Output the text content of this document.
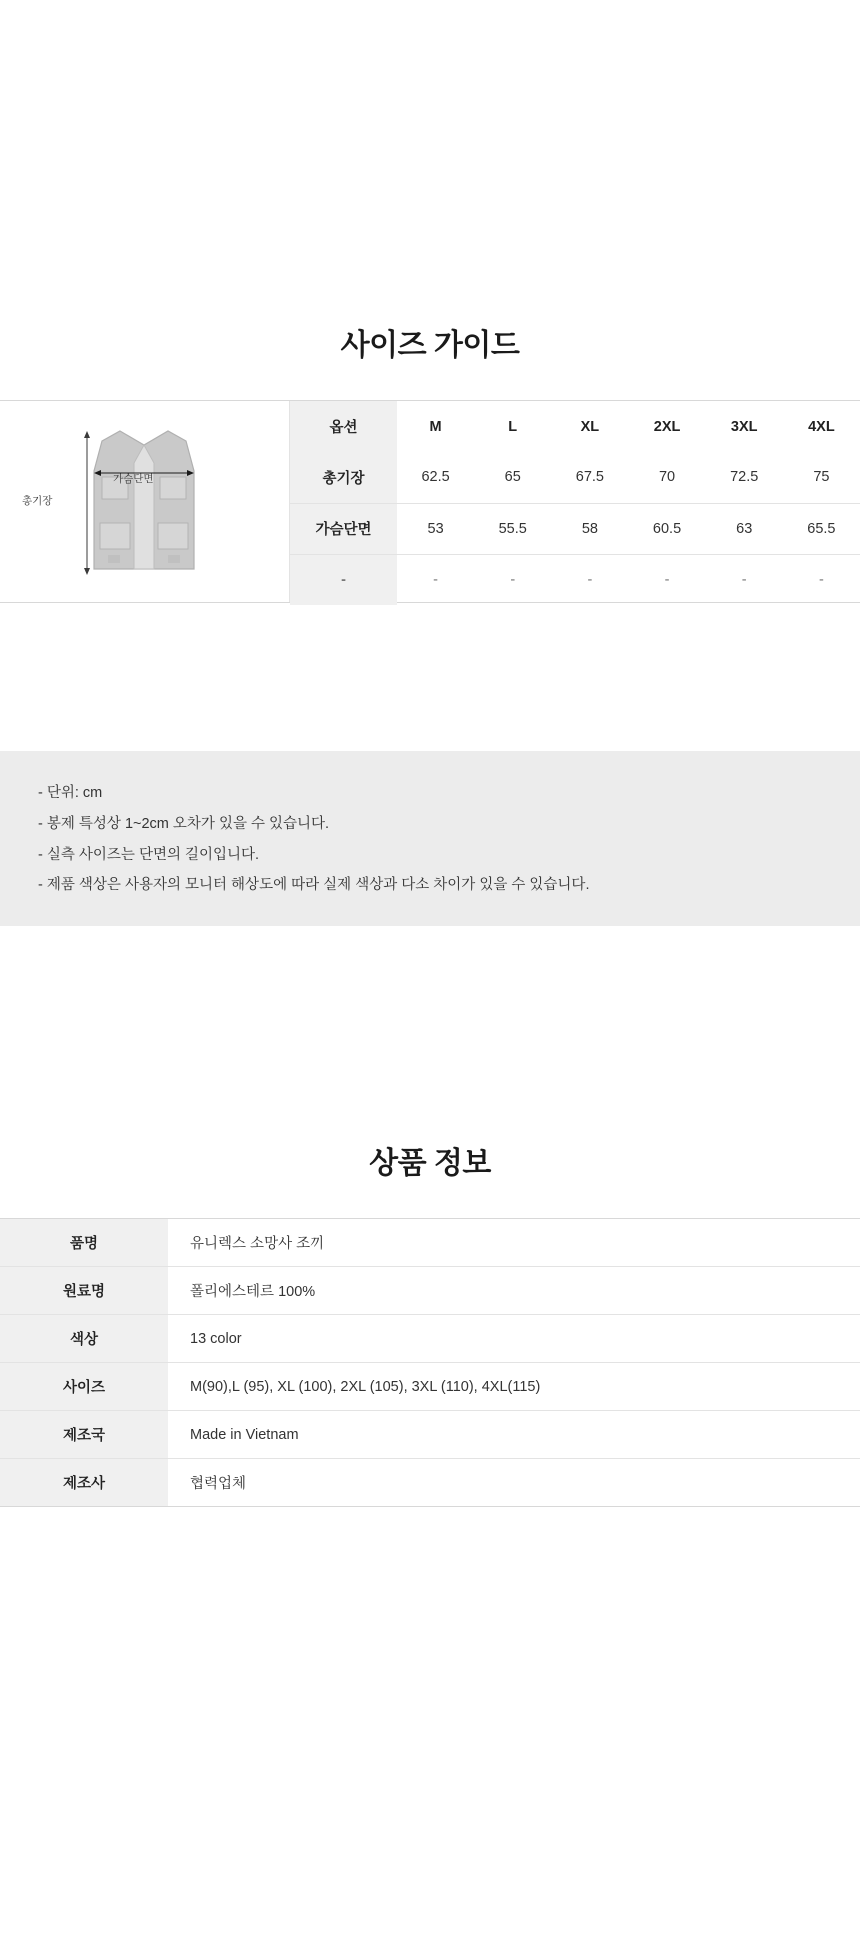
사이즈 가이드
총기장
가슴단면
옵션	M	L	XL	2XL	3XL	4XL
총기장	62.5	65	67.5	70	72.5	75
가슴단면	53	55.5	58	60.5	63	65.5
-	-	-	-	-	-	-

- 단위: cm

- 봉제 특성상 1~2cm 오차가 있을 수 있습니다.

- 실측 사이즈는 단면의 길이입니다.

- 제품 색상은 사용자의 모니터 해상도에 따라 실제 색상과 다소 차이가 있을 수 있습니다.

상품 정보
품명	유니렉스 소망사 조끼
원료명	폴리에스테르 100%
색상	13 color
사이즈	M(90),L (95), XL (100), 2XL (105), 3XL (110), 4XL(115)
제조국	Made in Vietnam
제조사	협력업체
